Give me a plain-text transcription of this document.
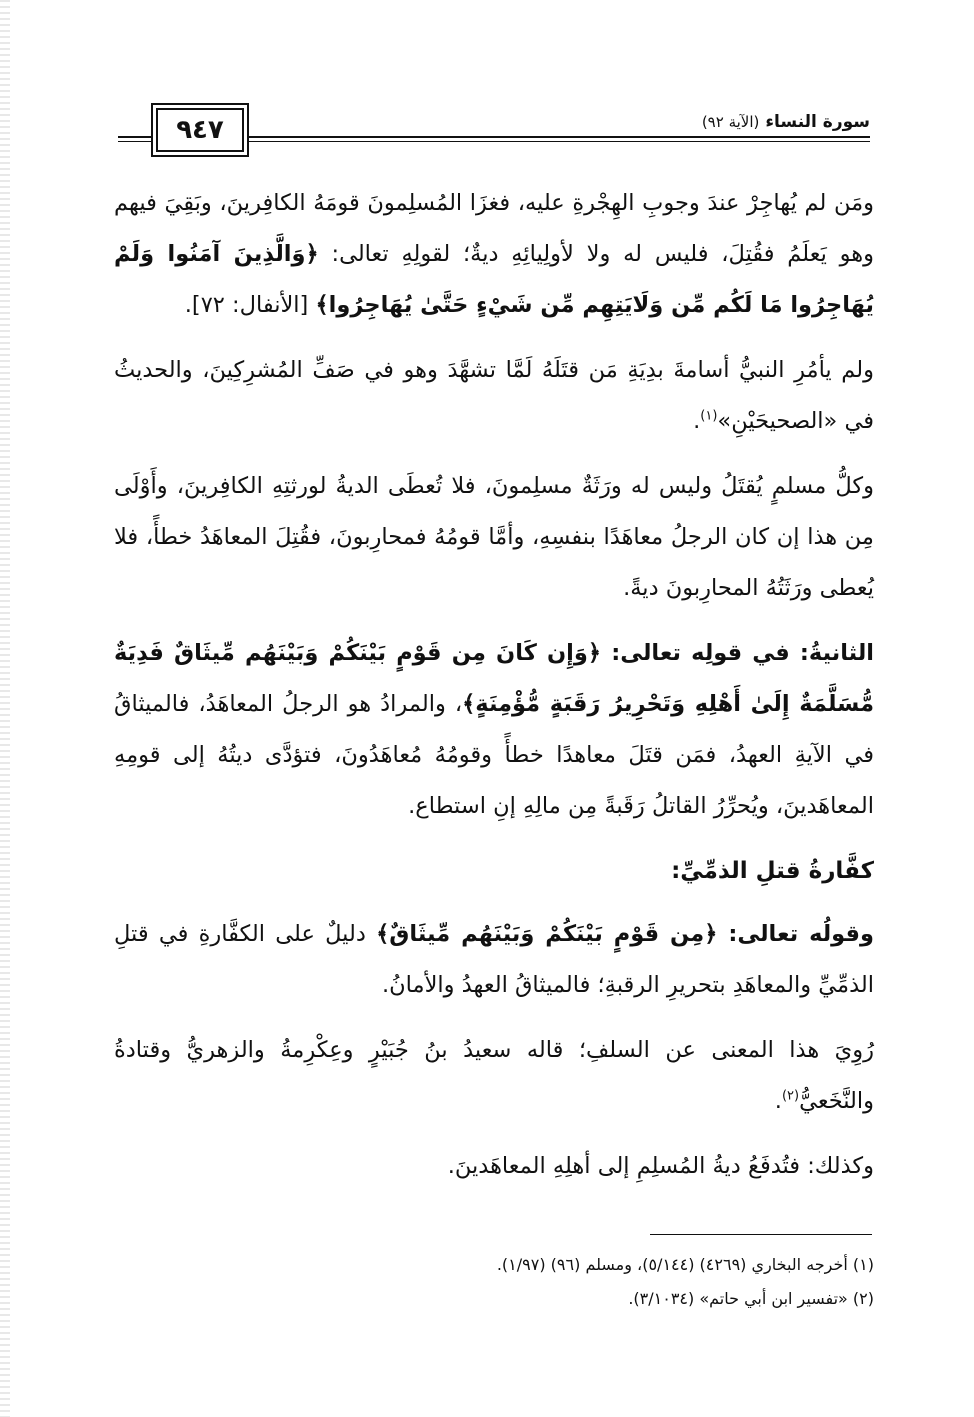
٩٤٧	سورة النساء
(الآية ٩٢)

ومَن لم يُهاجِرْ عندَ وجوبِ الهِجْرةِ عليه، فغزَا المُسلِمونَ قومَهُ الكافِرينَ، وبَقِيَ فيهم وهو يَعلَمُ فقُتِلَ، فليس له ولا لأولِيائِهِ ديةٌ؛ لقولِهِ تعالى: ﴿وَالَّذِينَ آمَنُوا وَلَمْ يُهَاجِرُوا مَا لَكُم مِّن وَلَايَتِهِم مِّن شَيْءٍ حَتَّىٰ يُهَاجِرُوا﴾ [الأنفال: ٧٢].

ولم يأمُرِ النبيُّ أسامةَ بدِيَةِ مَن قتَلَهُ لَمَّا تشهَّدَ وهو في صَفِّ المُشرِكِينَ، والحديثُ في «الصحيحَيْنِ»$^{(١)}$.

وكلُّ مسلمٍ يُقتَلُ وليس له ورَثَةٌ مسلِمونَ، فلا تُعطَى الديةُ لورثتِهِ الكافِرينَ، وأَوْلَى مِن هذا إن كان الرجلُ معاهَدًا بنفسِهِ، وأمَّا قومُهُ فمحارِبونَ، فقُتِلَ المعاهَدُ خطأً، فلا يُعطى ورَثَتُهُ المحارِبونَ ديةً.

الثانيةُ: في قولِه تعالى: ﴿وَإِن كَانَ مِن قَوْمٍ بَيْنَكُمْ وَبَيْنَهُم مِّيثَاقٌ فَدِيَةٌ مُّسَلَّمَةٌ إِلَىٰ أَهْلِهِ وَتَحْرِيرُ رَقَبَةٍ مُّؤْمِنَةٍ﴾، والمرادُ هو الرجلُ المعاهَدُ، فالميثاقُ في الآيةِ العهدُ، فمَن قتَلَ معاهدًا خطأً وقومُهُ مُعاهَدُونَ، فتؤدَّى ديتُهُ إلى قومِهِ المعاهَدينَ، ويُحرِّرُ القاتلُ رَقَبةً مِن مالِهِ إنِ استطاع.

كفَّارةُ قتلِ الذمِّيِّ:

وقولُه تعالى: ﴿مِن قَوْمٍ بَيْنَكُمْ وَبَيْنَهُم مِّيثَاقٌ﴾ دليلٌ على الكفَّارةِ في قتلِ الذمِّيِّ والمعاهَدِ بتحريرِ الرقبةِ؛ فالميثاقُ العهدُ والأمانُ.

رُوِيَ هذا المعنى عن السلفِ؛ قاله سعيدُ بنُ جُبَيْرٍ وعِكْرِمةُ والزهريُّ وقتادةُ والنَّخَعيُّ$^{(٢)}$.

وكذلك: فتُدفَعُ ديةُ المُسلِمِ إلى أهلِهِ المعاهَدينَ.

(١) أخرجه البخاري (٤٢٦٩) (٥/١٤٤)، ومسلم (٩٦) (١/٩٧).

(٢) «تفسير ابن أبي حاتم» (٣/١٠٣٤).
